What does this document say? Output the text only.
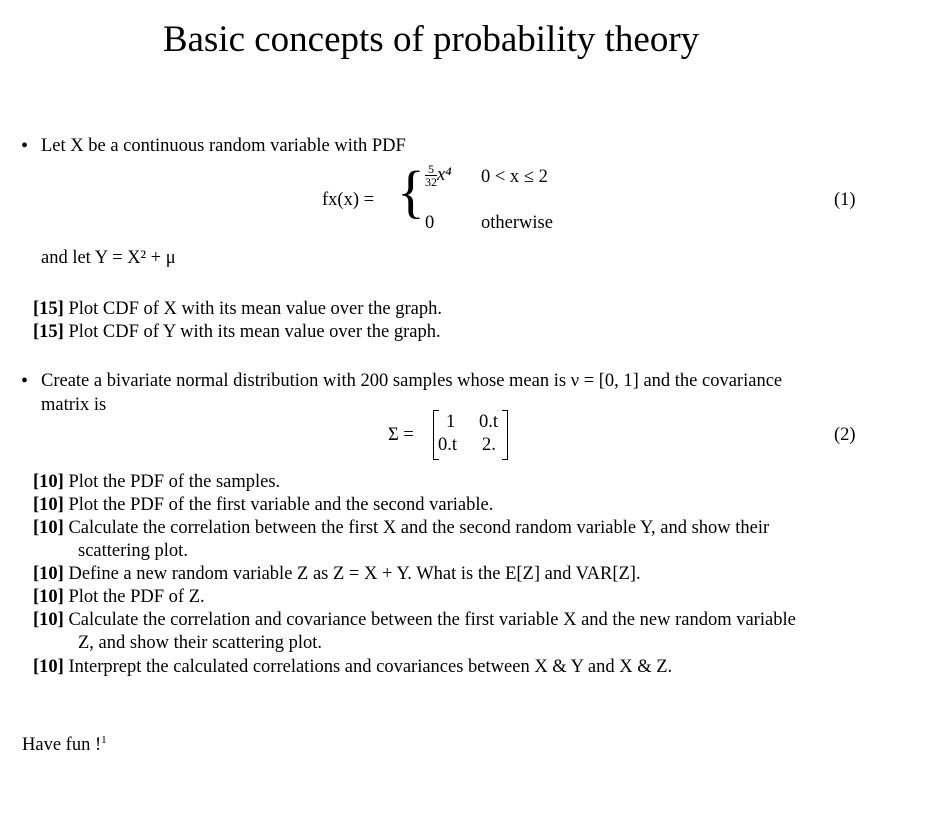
Basic concepts of probability theory
• Let X be a continuous random variable with PDF
fx(x) = { $\frac{5}{32} x^4$ 0 < x ≤ 2
0	otherwise
(1)
and let Y = X² + μ
[15] Plot CDF of X with its mean value over the graph.
[15] Plot CDF of Y with its mean value over the graph.
• Create a bivariate normal distribution with 200 samples whose mean is ν = [0, 1] and the covariance
matrix is
Σ =
1 0.t
0.t 2.	(2)
[10] Plot the PDF of the samples.
[10] Plot the PDF of the first variable and the second variable.
[10] Calculate the correlation between the first X and the second random variable Y, and show their
scattering plot.
[10] Define a new random variable Z as Z = X + Y. What is the E[Z] and VAR[Z].
[10] Plot the PDF of Z.
[10] Calculate the correlation and covariance between the first variable X and the new random variable
Z, and show their scattering plot.
[10] Interprept the calculated correlations and covariances between X & Y and X & Z.
Have fun !$^1$
